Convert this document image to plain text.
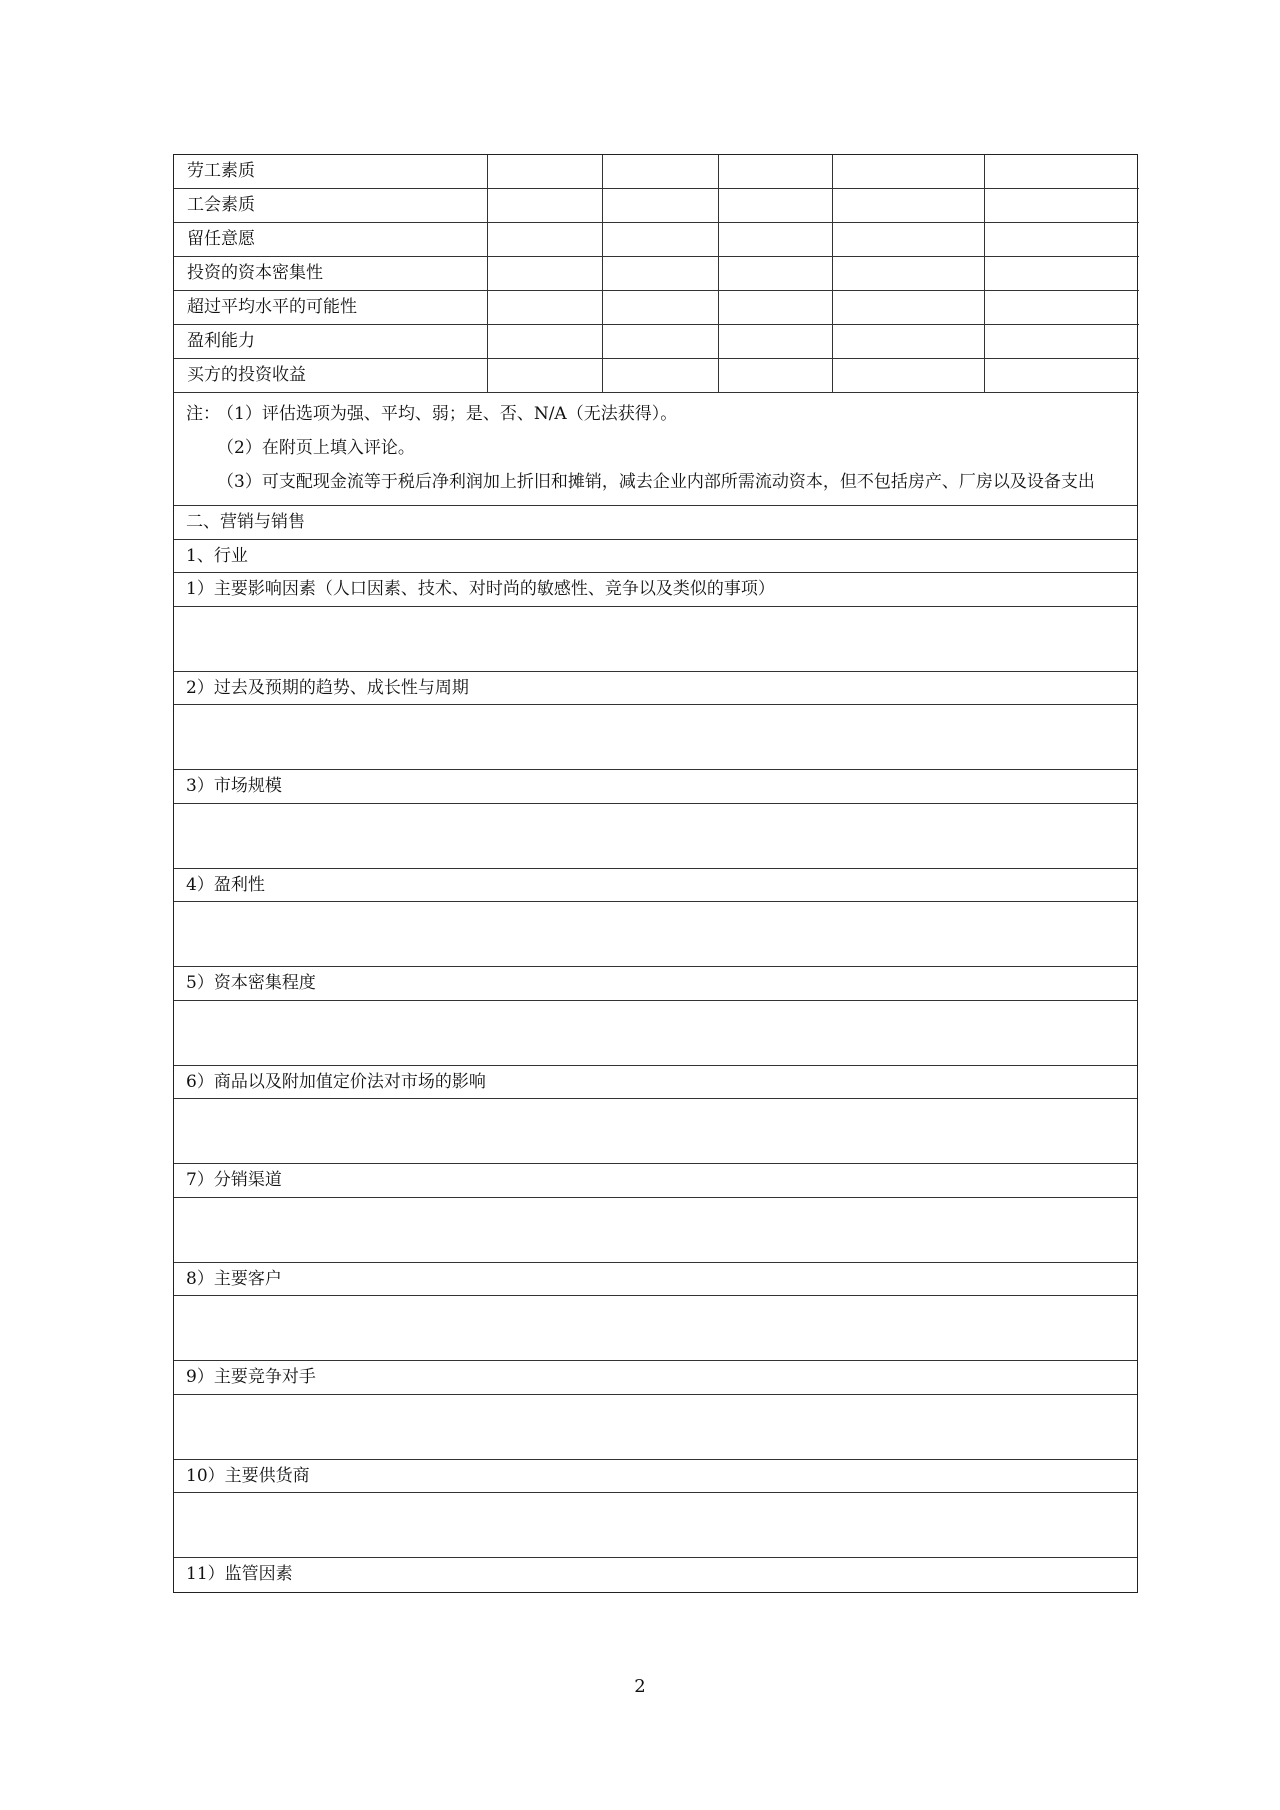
劳工素质					
工会素质					
留任意愿					
投资的资本密集性					
超过平均水平的可能性					
盈利能力					
买方的投资收益					
注：
（1）评估选项为强、平均、弱；是、否、N/A（无法获得）。
（2）在附页上填入评论。
（3）可支配现金流等于税后净利润加上折旧和摊销，减去企业内部所需流动资本，但不包括房产、厂房以及设备支出
二、营销与销售
1、行业
1）主要影响因素（人口因素、技术、对时尚的敏感性、竞争以及类似的事项）
2）过去及预期的趋势、成长性与周期
3）市场规模
4）盈利性
5）资本密集程度
6）商品以及附加值定价法对市场的影响
7）分销渠道
8）主要客户
9）主要竞争对手
10）主要供货商
11）监管因素
2
